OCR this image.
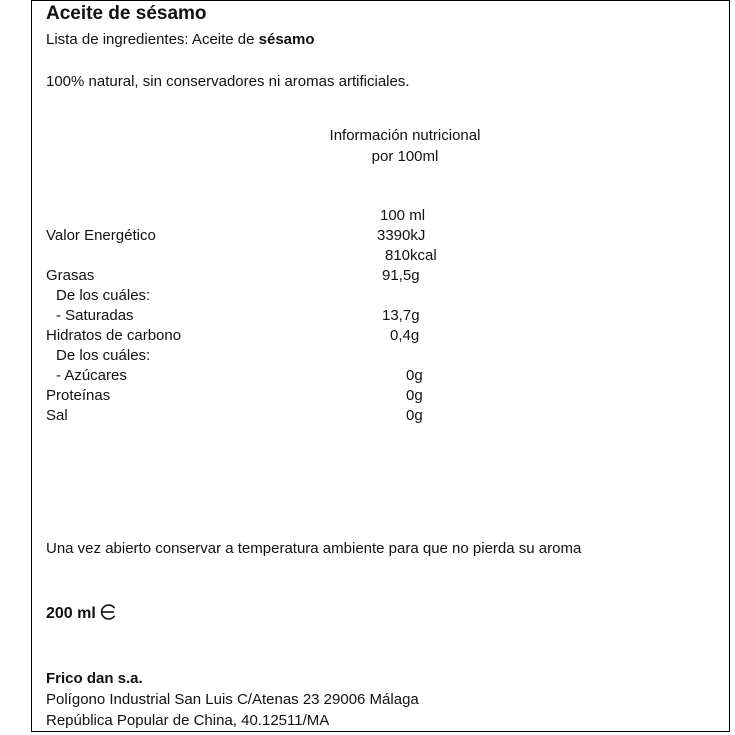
Aceite de sésamo
Lista de ingredientes: Aceite de sésamo
100% natural, sin conservadores ni aromas artificiales.
Información nutricional
por 100ml
100 ml
Valor Energético	3390kJ
810kcal
Grasas	91,5g
De los cuáles:
- Saturadas	13,7g
Hidratos de carbono	0,4g
De los cuáles:
- Azúcares	0g
Proteínas	0g
Sal	0g
Una vez abierto conservar a temperatura ambiente para que no pierda su aroma
200 ml
Frico dan s.a.
Polígono Industrial San Luis C/Atenas 23 29006 Málaga
República Popular de China, 40.12511/MA
